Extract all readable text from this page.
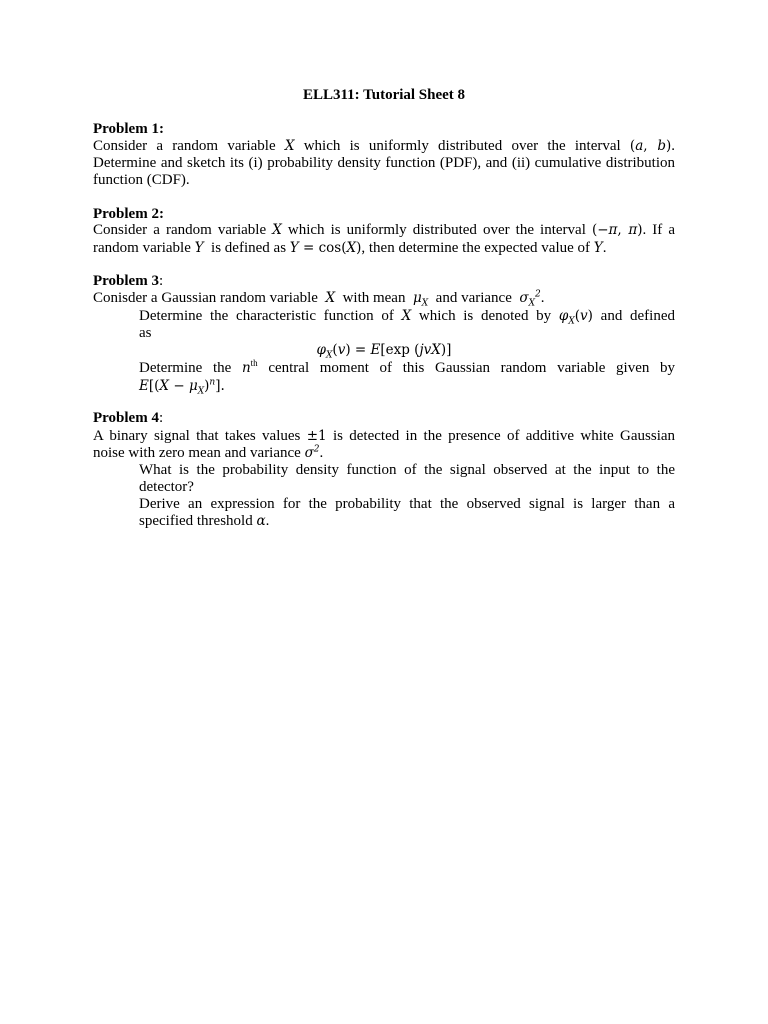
ELL311: Tutorial Sheet 8
Problem 1:
Consider a random variable X which is uniformly distributed over the interval (a, b).
Determine and sketch its (i) probability density function (PDF), and (ii) cumulative distribution
function (CDF).
Problem 2:
Consider a random variable X which is uniformly distributed over the interval (−π, π). If a
random variable Y is defined as Y = cos(X), then determine the expected value of Y.
Problem 3:
Conisder a Gaussian random variable X with mean $\mu_X$ and variance $\sigma_X^2$.
Determine the characteristic function of X which is denoted by $\varphi_X(v)$ and defined
as
$\varphi_X(v) = E[\exp$ (jvX)]
Determine the $n^{th}$ central moment of this Gaussian random variable given by
$E[(X - \mu_X)^n]$.
Problem 4:
A binary signal that takes values ±1 is detected in the presence of additive white Gaussian
noise with zero mean and variance $\sigma^2$.
What is the probability density function of the signal observed at the input to the
detector?
Derive an expression for the probability that the observed signal is larger than a
specified threshold α.
